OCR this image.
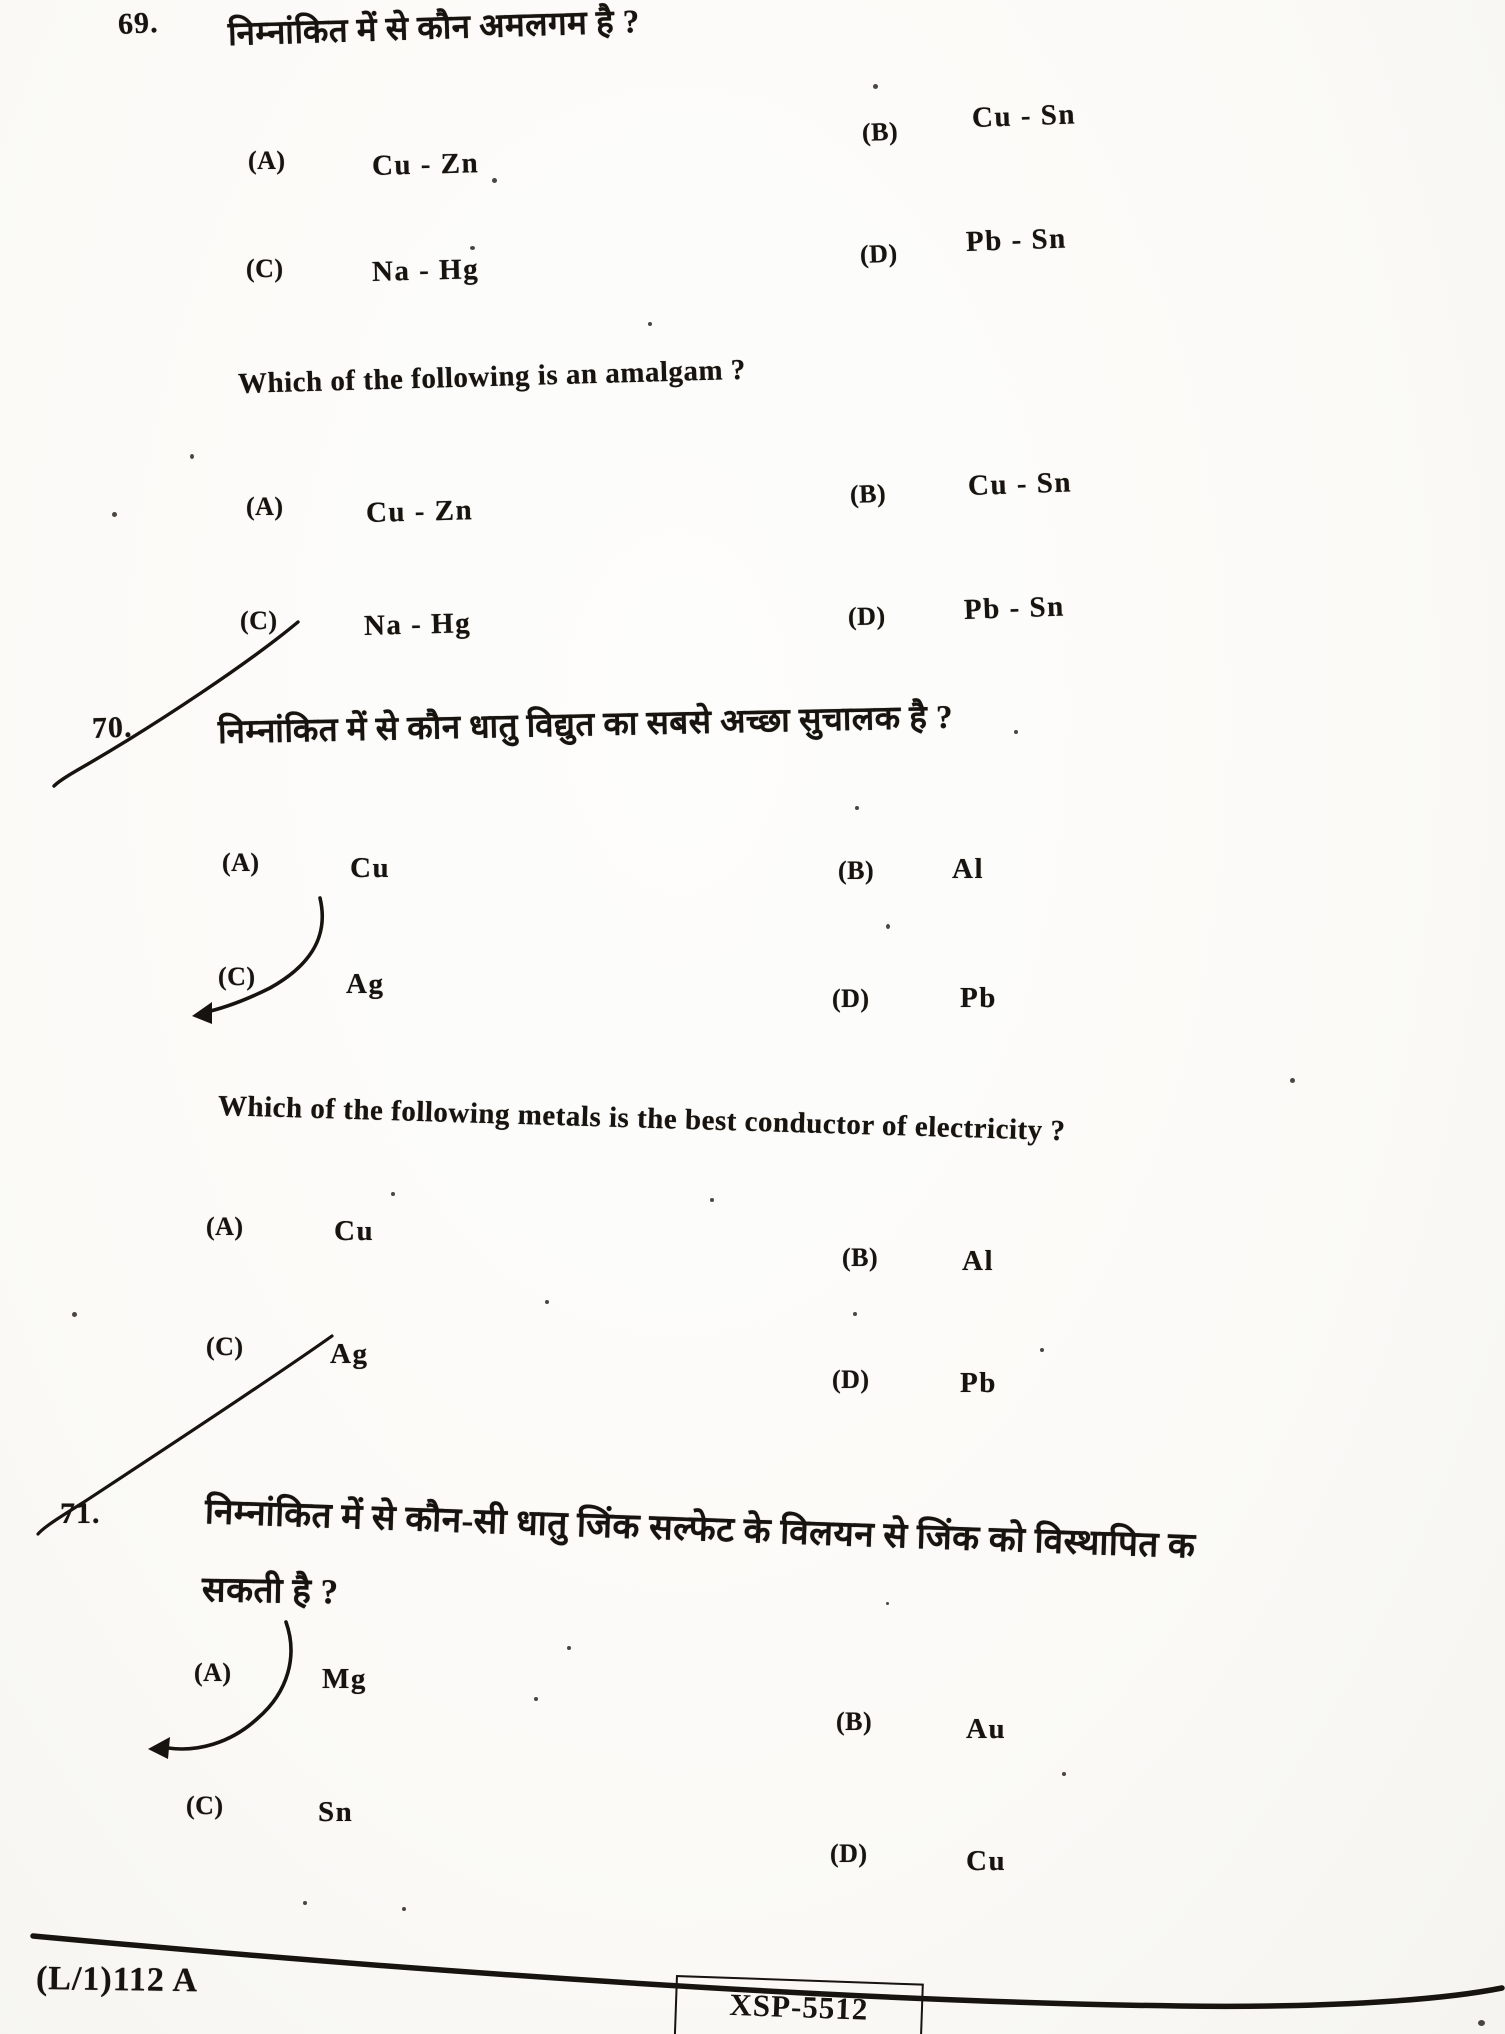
69. निम्नांकित में से कौन अमलगम है ?
(A)	Cu - Zn
(B)	Cu - Sn
(C)	Na - Hg	(D) Pb - Sn
Which of the following is an amalgam ?
(A)	Cu - Zn
(B)	Cu - Sn
(C)	Na - Hg	(D)	Pb - Sn
70.	निम्नांकित में से कौन धातु विद्युत का सबसे अच्छा सुचालक है ?
(A)	Cu	(B)	Al
(C)	Ag	(D)	Pb
Which of the following metals is the best conductor of electricity ?
(A)	Cu
(B)	Al
(C)	Ag
(D)	Pb
71.	निम्नांकित में से कौन-सी धातु जिंक सल्फेट के विलयन से जिंक को विस्थापित क
सकती है ?
(A)	Mg
(B)	Au
(C)	Sn
(D)	Cu
(L/1)112 A
XSP-5512
